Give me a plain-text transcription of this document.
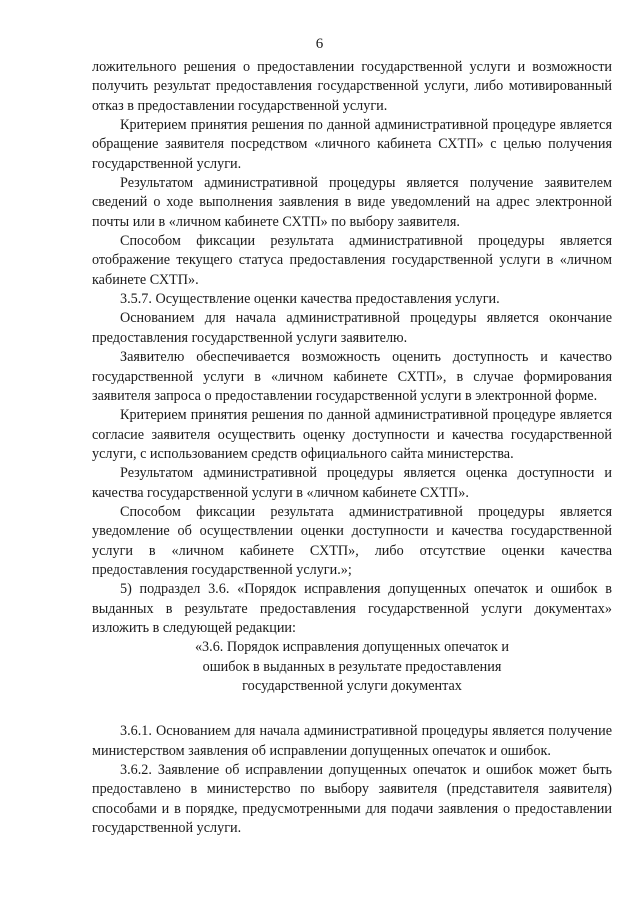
6

ложительного решения о предоставлении государственной услуги и возможности получить результат предоставления государственной услуги, либо мотивированный отказ в предоставлении государственной услуги.

Критерием принятия решения по данной административной процедуре является обращение заявителя посредством «личного кабинета СХТП» с целью получения государственной услуги.

Результатом административной процедуры является получение заявителем сведений о ходе выполнения заявления в виде уведомлений на адрес электронной почты или в «личном кабинете СХТП» по выбору заявителя.

Способом фиксации результата административной процедуры является отображение текущего статуса предоставления государственной услуги в «личном кабинете СХТП».

3.5.7. Осуществление оценки качества предоставления услуги.

Основанием для начала административной процедуры является окончание предоставления государственной услуги заявителю.

Заявителю обеспечивается возможность оценить доступность и качество государственной услуги в «личном кабинете СХТП», в случае формирования заявителя запроса о предоставлении государственной услуги в электронной форме.

Критерием принятия решения по данной административной процедуре является согласие заявителя осуществить оценку доступности и качества государственной услуги, с использованием средств официального сайта министерства.

Результатом административной процедуры является оценка доступности и качества государственной услуги в «личном кабинете СХТП».

Способом фиксации результата административной процедуры является уведомление об осуществлении оценки доступности и качества государственной услуги в «личном кабинете СХТП», либо отсутствие оценки качества предоставления государственной услуги.»;

5) подраздел 3.6. «Порядок исправления допущенных опечаток и ошибок в выданных в результате предоставления государственной услуги документах» изложить в следующей редакции:

«3.6. Порядок исправления допущенных опечаток и

ошибок в выданных в результате предоставления

государственной услуги документах

3.6.1. Основанием для начала административной процедуры является получение министерством заявления об исправлении допущенных опечаток и ошибок.

3.6.2. Заявление об исправлении допущенных опечаток и ошибок может быть предоставлено в министерство по выбору заявителя (представителя заявителя) способами и в порядке, предусмотренными для подачи заявления о предоставлении государственной услуги.
